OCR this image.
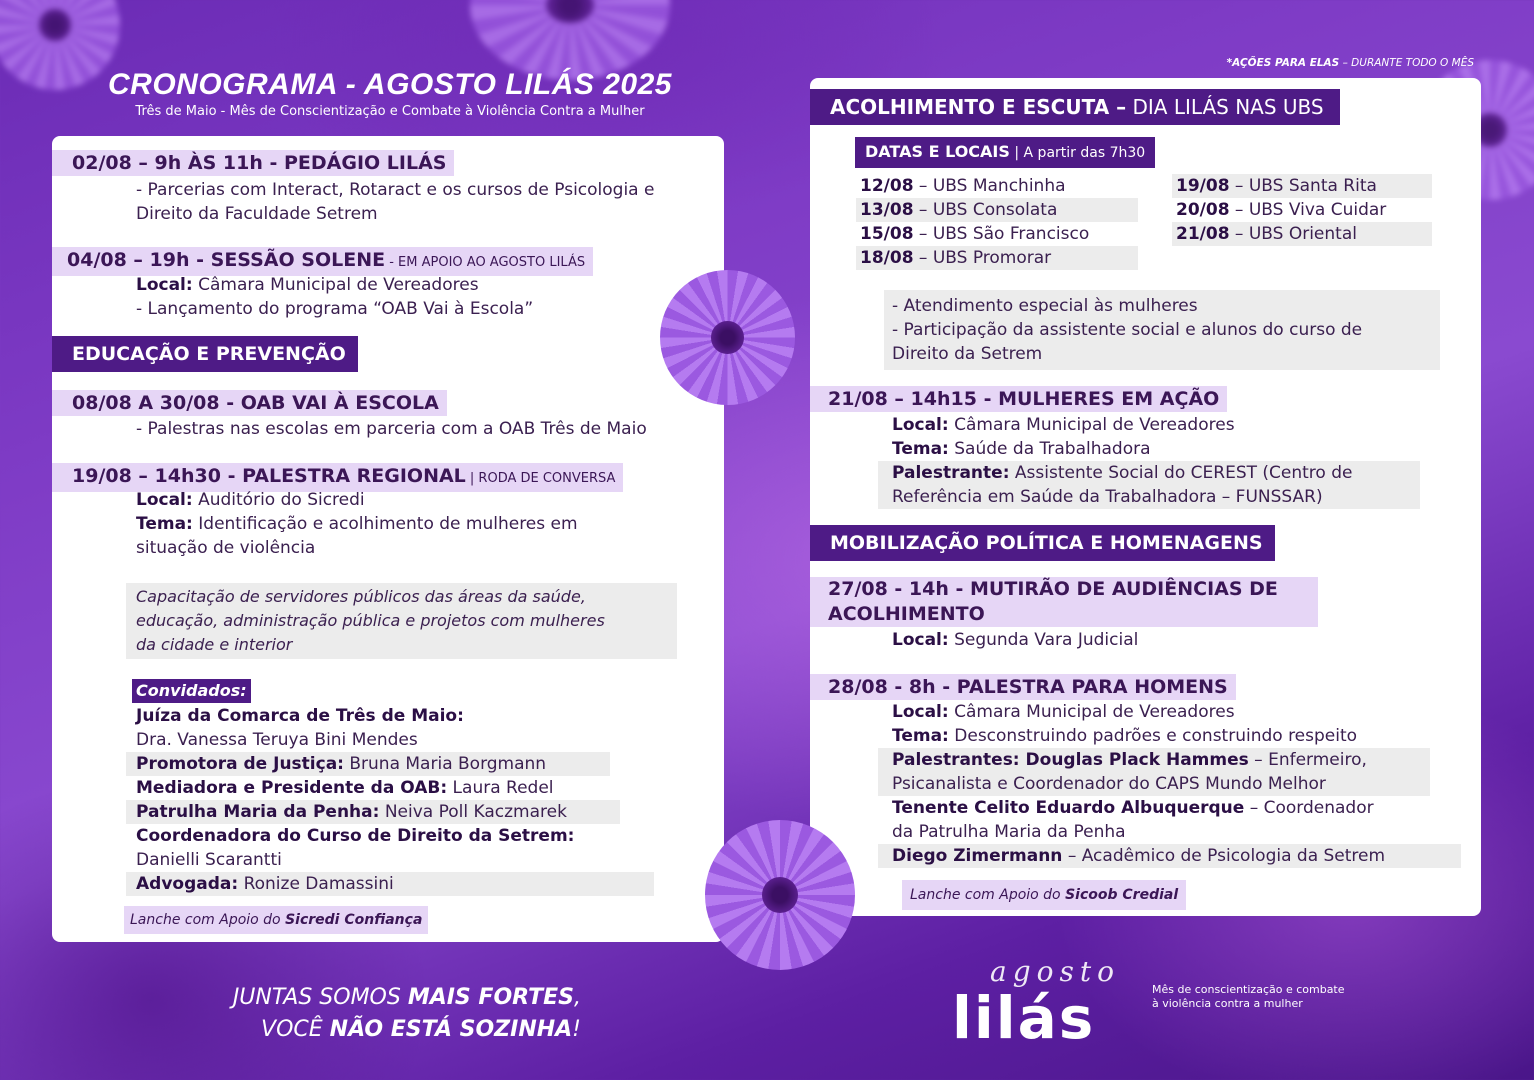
CRONOGRAMA - AGOSTO LILÁS 2025
Três de Maio - Mês de Conscientização e Combate à Violência Contra a Mulher
*AÇÕES PARA ELAS – DURANTE TODO O MÊS
02/08 – 9h ÀS 11h - PEDÁGIO LILÁS
- Parcerias com Interact, Rotaract e os cursos de Psicologia e
Direito da Faculdade Setrem
04/08 – 19h - SESSÃO SOLENE - EM APOIO AO AGOSTO LILÁS
Local: Câmara Municipal de Vereadores
- Lançamento do programa “OAB Vai à Escola”
EDUCAÇÃO E PREVENÇÃO
08/08 A 30/08 - OAB VAI À ESCOLA
- Palestras nas escolas em parceria com a OAB Três de Maio
19/08 – 14h30 - PALESTRA REGIONAL | RODA DE CONVERSA
Local: Auditório do Sicredi
Tema: Identificação e acolhimento de mulheres em
situação de violência
Capacitação de servidores públicos das áreas da saúde,
educação, administração pública e projetos com mulheres
da cidade e interior
Convidados:
Juíza da Comarca de Três de Maio:
Dra. Vanessa Teruya Bini Mendes
Promotora de Justiça: Bruna Maria Borgmann
Mediadora e Presidente da OAB: Laura Redel
Patrulha Maria da Penha: Neiva Poll Kaczmarek
Coordenadora do Curso de Direito da Setrem:
Danielli Scarantti
Advogada: Ronize Damassini
Lanche com Apoio do Sicredi Confiança
ACOLHIMENTO E ESCUTA – DIA LILÁS NAS UBS
DATAS E LOCAIS | A partir das 7h30
12/08 – UBS Manchinha
13/08 – UBS Consolata
15/08 – UBS São Francisco
18/08 – UBS Promorar
19/08 – UBS Santa Rita
20/08 – UBS Viva Cuidar
21/08 – UBS Oriental
- Atendimento especial às mulheres
- Participação da assistente social e alunos do curso de
Direito da Setrem
21/08 – 14h15 - MULHERES EM AÇÃO
Local: Câmara Municipal de Vereadores
Tema: Saúde da Trabalhadora
Palestrante: Assistente Social do CEREST (Centro de
Referência em Saúde da Trabalhadora – FUNSSAR)
MOBILIZAÇÃO POLÍTICA E HOMENAGENS
27/08 - 14h - MUTIRÃO DE AUDIÊNCIAS DE
ACOLHIMENTO
Local: Segunda Vara Judicial
28/08 - 8h - PALESTRA PARA HOMENS
Local: Câmara Municipal de Vereadores
Tema: Desconstruindo padrões e construindo respeito
Palestrantes: Douglas Plack Hammes – Enfermeiro,
Psicanalista e Coordenador do CAPS Mundo Melhor
Tenente Celito Eduardo Albuquerque – Coordenador
da Patrulha Maria da Penha
Diego Zimermann – Acadêmico de Psicologia da Setrem
Lanche com Apoio do Sicoob Credial
JUNTAS SOMOS MAIS FORTES,
VOCÊ NÃO ESTÁ SOZINHA!
agosto
lilás	Mês de conscientização e combate
à violência contra a mulher
